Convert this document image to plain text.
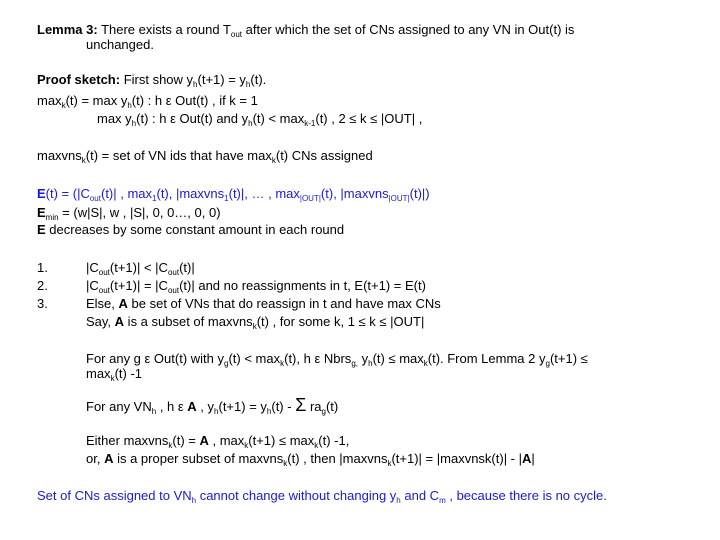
Lemma 3: There exists a round $T_{out}$ after which the set of CNs assigned to any VN in Out(t) is
unchanged.
Proof sketch: First show $y_h(t+1) = y_h(t)$.
$\max_k(t) = \max y_h(t)$ : h ε Out(t) , if k = 1
$\max y_h(t)$ : h ε Out(t) and $y_h(t) < \max_{k-1}(t)$ , 2 ≤ k ≤ |OUT| ,
maxvns$_k$(t) = set of VN ids that have $\max_k(t)$ CNs assigned
$E(t) = (|C_{out}(t)|$ , $\max_1(t)$, |maxvns$_1$(t)|, … , $\max_{|OUT|}(t)$, |maxvns$_{|OUT|}$(t)|)
$E_{min} = (w|S|$, w , |S|, 0, 0…, 0, 0)
E decreases by some constant amount in each round
1.
2.
3.
$|C_{out}(t+1)| < |C_{out}(t)|$
$|C_{out}(t+1)| = |C_{out}(t)|$ and no reassignments in t, E(t+1) = E(t)
Else, A be set of VNs that do reassign in t and have max CNs
Say, A is a subset of maxvns$_k$(t) , for some k, 1 ≤ k ≤ |OUT|
For any g ε Out(t) with $y_g(t) < \max_k(t)$, h ε Nbrs$_{g,}$ $y_h(t) \le \max_k(t)$. From Lemma 2 $y_g(t+1)$ ≤
$\max_k(t)$ -1
For any $VN_h$ , h ε A , $y_h(t+1) = y_h(t) - \Sigma$ $ra_g(t)$
Either maxvns$_k$(t) = A , $\max_k(t+1) \le \max_k(t)$ -1,
or, A is a proper subset of maxvns$_k$(t) , then |maxvns$_k$(t+1)| = |maxvnsk(t)| - |A|
Set of CNs assigned to $VN_h$ cannot change without changing $y_h$ and $C_m$ , because there is no cycle.
